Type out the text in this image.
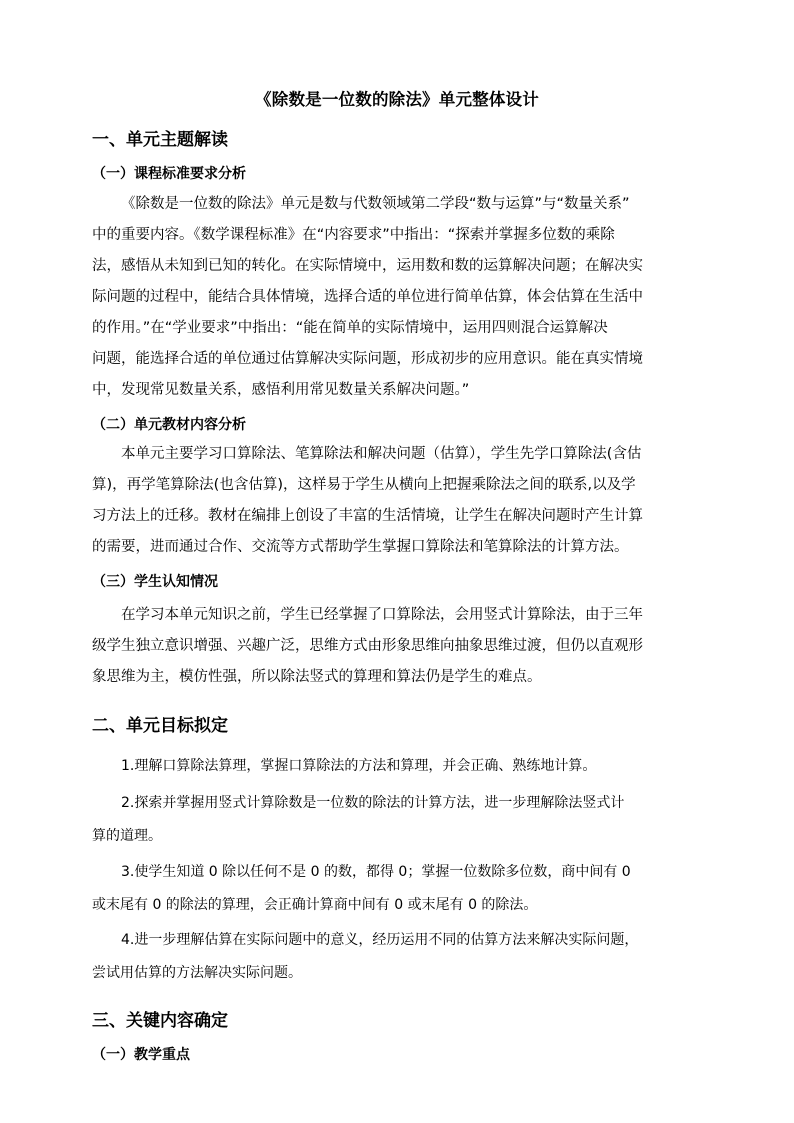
《除数是一位数的除法》单元整体设计
一、单元主题解读
（一）课程标准要求分析
《除数是一位数的除法》单元是数与代数领域第二学段“数与运算”与“数量关系”
中的重要内容。《数学课程标准》在“内容要求”中指出：“探索并掌握多位数的乘除
法，感悟从未知到已知的转化。在实际情境中，运用数和数的运算解决问题；在解决实
际问题的过程中，能结合具体情境，选择合适的单位进行简单估算，体会估算在生活中
的作用。”在“学业要求”中指出：“能在简单的实际情境中，运用四则混合运算解决
问题，能选择合适的单位通过估算解决实际问题，形成初步的应用意识。能在真实情境
中，发现常见数量关系，感悟利用常见数量关系解决问题。”
（二）单元教材内容分析
本单元主要学习口算除法、笔算除法和解决问题（估算），学生先学口算除法(含估
算)，再学笔算除法(也含估算)，这样易于学生从横向上把握乘除法之间的联系,以及学
习方法上的迁移。教材在编排上创设了丰富的生活情境，让学生在解决问题时产生计算
的需要，进而通过合作、交流等方式帮助学生掌握口算除法和笔算除法的计算方法。
（三）学生认知情况
在学习本单元知识之前，学生已经掌握了口算除法，会用竖式计算除法，由于三年
级学生独立意识增强、兴趣广泛，思维方式由形象思维向抽象思维过渡，但仍以直观形
象思维为主，模仿性强，所以除法竖式的算理和算法仍是学生的难点。
二、单元目标拟定
1.理解口算除法算理，掌握口算除法的方法和算理，并会正确、熟练地计算。
2.探索并掌握用竖式计算除数是一位数的除法的计算方法，进一步理解除法竖式计
算的道理。
3.使学生知道 0 除以任何不是 0 的数，都得 0；掌握一位数除多位数，商中间有 0
或末尾有 0 的除法的算理，会正确计算商中间有 0 或末尾有 0 的除法。
4.进一步理解估算在实际问题中的意义，经历运用不同的估算方法来解决实际问题，
尝试用估算的方法解决实际问题。
三、关键内容确定
（一）教学重点
